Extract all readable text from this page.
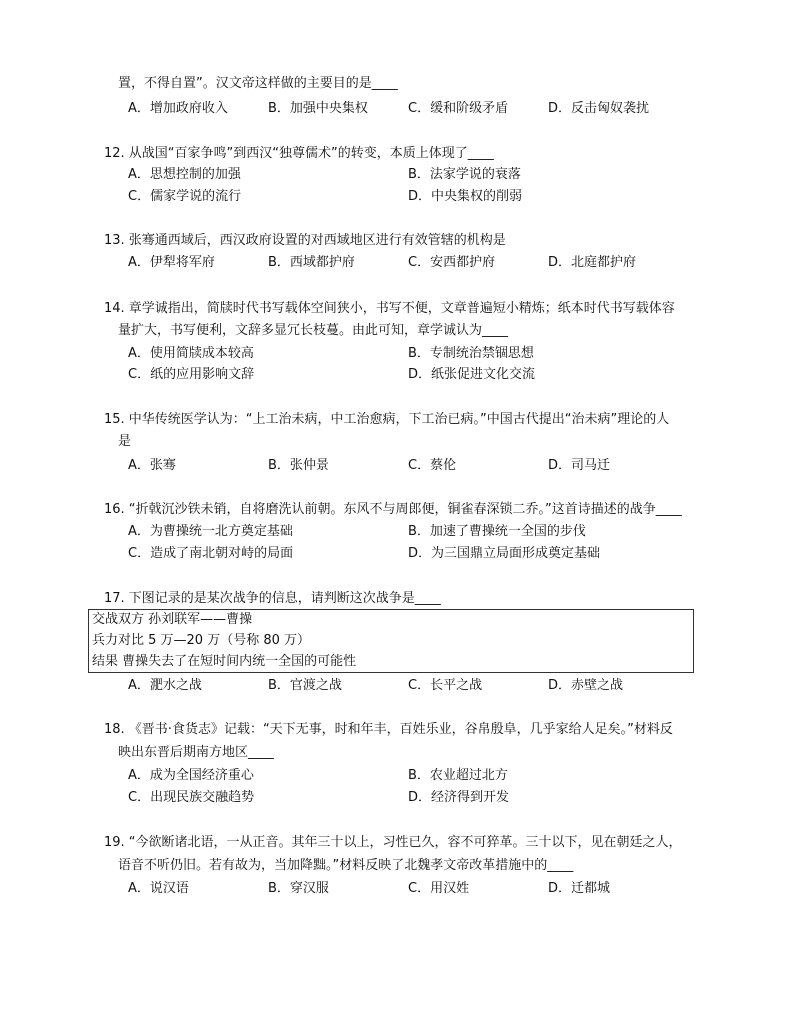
置，不得自置”。汉文帝这样做的主要目的是____
A．增加政府收入	B．加强中央集权	C．缓和阶级矛盾	D．反击匈奴袭扰
12. 从战国“百家争鸣”到西汉“独尊儒术”的转变，本质上体现了____
A．思想控制的加强	B．法家学说的衰落
C．儒家学说的流行	D．中央集权的削弱
13. 张骞通西域后，西汉政府设置的对西域地区进行有效管辖的机构是
A．伊犁将军府	B．西域都护府	C．安西都护府	D．北庭都护府
14. 章学诚指出，简牍时代书写载体空间狭小，书写不便，文章普遍短小精炼；纸本时代书写载体容
量扩大，书写便利，文辞多显冗长枝蔓。由此可知，章学诚认为____
A．使用简牍成本较高	B．专制统治禁锢思想
C．纸的应用影响文辞	D．纸张促进文化交流
15. 中华传统医学认为：“上工治未病，中工治愈病，下工治已病。”中国古代提出“治未病”理论的人
是
A．张骞	B．张仲景	C．蔡伦	D．司马迁
16. “折戟沉沙铁未销，自将磨洗认前朝。东风不与周郎便，铜雀春深锁二乔。”这首诗描述的战争____
A．为曹操统一北方奠定基础	B．加速了曹操统一全国的步伐
C．造成了南北朝对峙的局面	D．为三国鼎立局面形成奠定基础
17. 下图记录的是某次战争的信息，请判断这次战争是____
交战双方 孙刘联军——曹操
兵力对比 5 万—20 万（号称 80 万）
结果 曹操失去了在短时间内统一全国的可能性
A．淝水之战	B．官渡之战	C．长平之战	D．赤壁之战
18. 《晋书·食货志》记载：“天下无事，时和年丰，百姓乐业，谷帛殷阜，几乎家给人足矣。”材料反
映出东晋后期南方地区____
A．成为全国经济重心	B．农业超过北方
C．出现民族交融趋势	D．经济得到开发
19. “今欲断诸北语，一从正音。其年三十以上，习性已久，容不可猝革。三十以下，见在朝廷之人，
语音不听仍旧。若有故为，当加降黜。”材料反映了北魏孝文帝改革措施中的____
A．说汉语	B．穿汉服	C．用汉姓	D．迁都城
